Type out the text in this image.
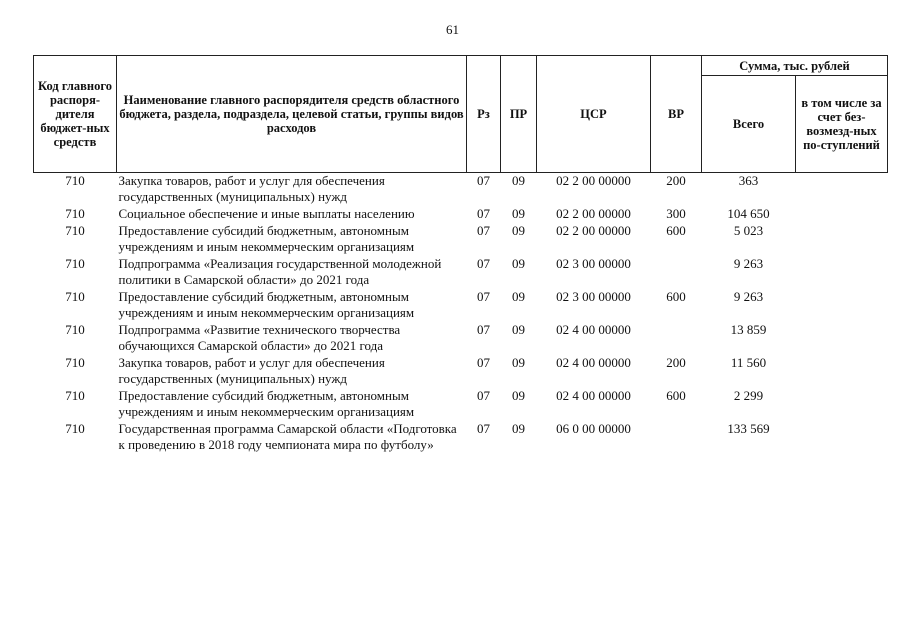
61
Код главного распоря-дителя бюджет-ных средств	Наименование главного распорядителя средств областного бюджета, раздела, подраздела, целевой статьи, группы видов расходов	Рз	ПР	ЦСР	ВР	Сумма, тыс. рублей	
						Всего	в том числе за счет без-возмезд-ных по-ступлений
710	Закупка товаров, работ и услуг для обеспечения государственных (муниципальных) нужд	07	09	02 2 00 00000	200	363	
710	Социальное обеспечение и иные выплаты населению	07	09	02 2 00 00000	300	104 650	
710	Предоставление субсидий бюджетным, автономным учреждениям и иным некоммерческим организациям	07	09	02 2 00 00000	600	5 023	
710	Подпрограмма «Реализация государственной молодежной политики в Самарской области» до 2021 года	07	09	02 3 00 00000		9 263	
710	Предоставление субсидий бюджетным, автономным учреждениям и иным некоммерческим организациям	07	09	02 3 00 00000	600	9 263	
710	Подпрограмма «Развитие технического творчества обучающихся Самарской области» до 2021 года	07	09	02 4 00 00000		13 859	
710	Закупка товаров, работ и услуг для обеспечения государственных (муниципальных) нужд	07	09	02 4 00 00000	200	11 560	
710	Предоставление субсидий бюджетным, автономным учреждениям и иным некоммерческим организациям	07	09	02 4 00 00000	600	2 299	
710	Государственная программа Самарской области «Подготовка к проведению в 2018 году чемпионата мира по футболу»	07	09	06 0 00 00000		133 569	
